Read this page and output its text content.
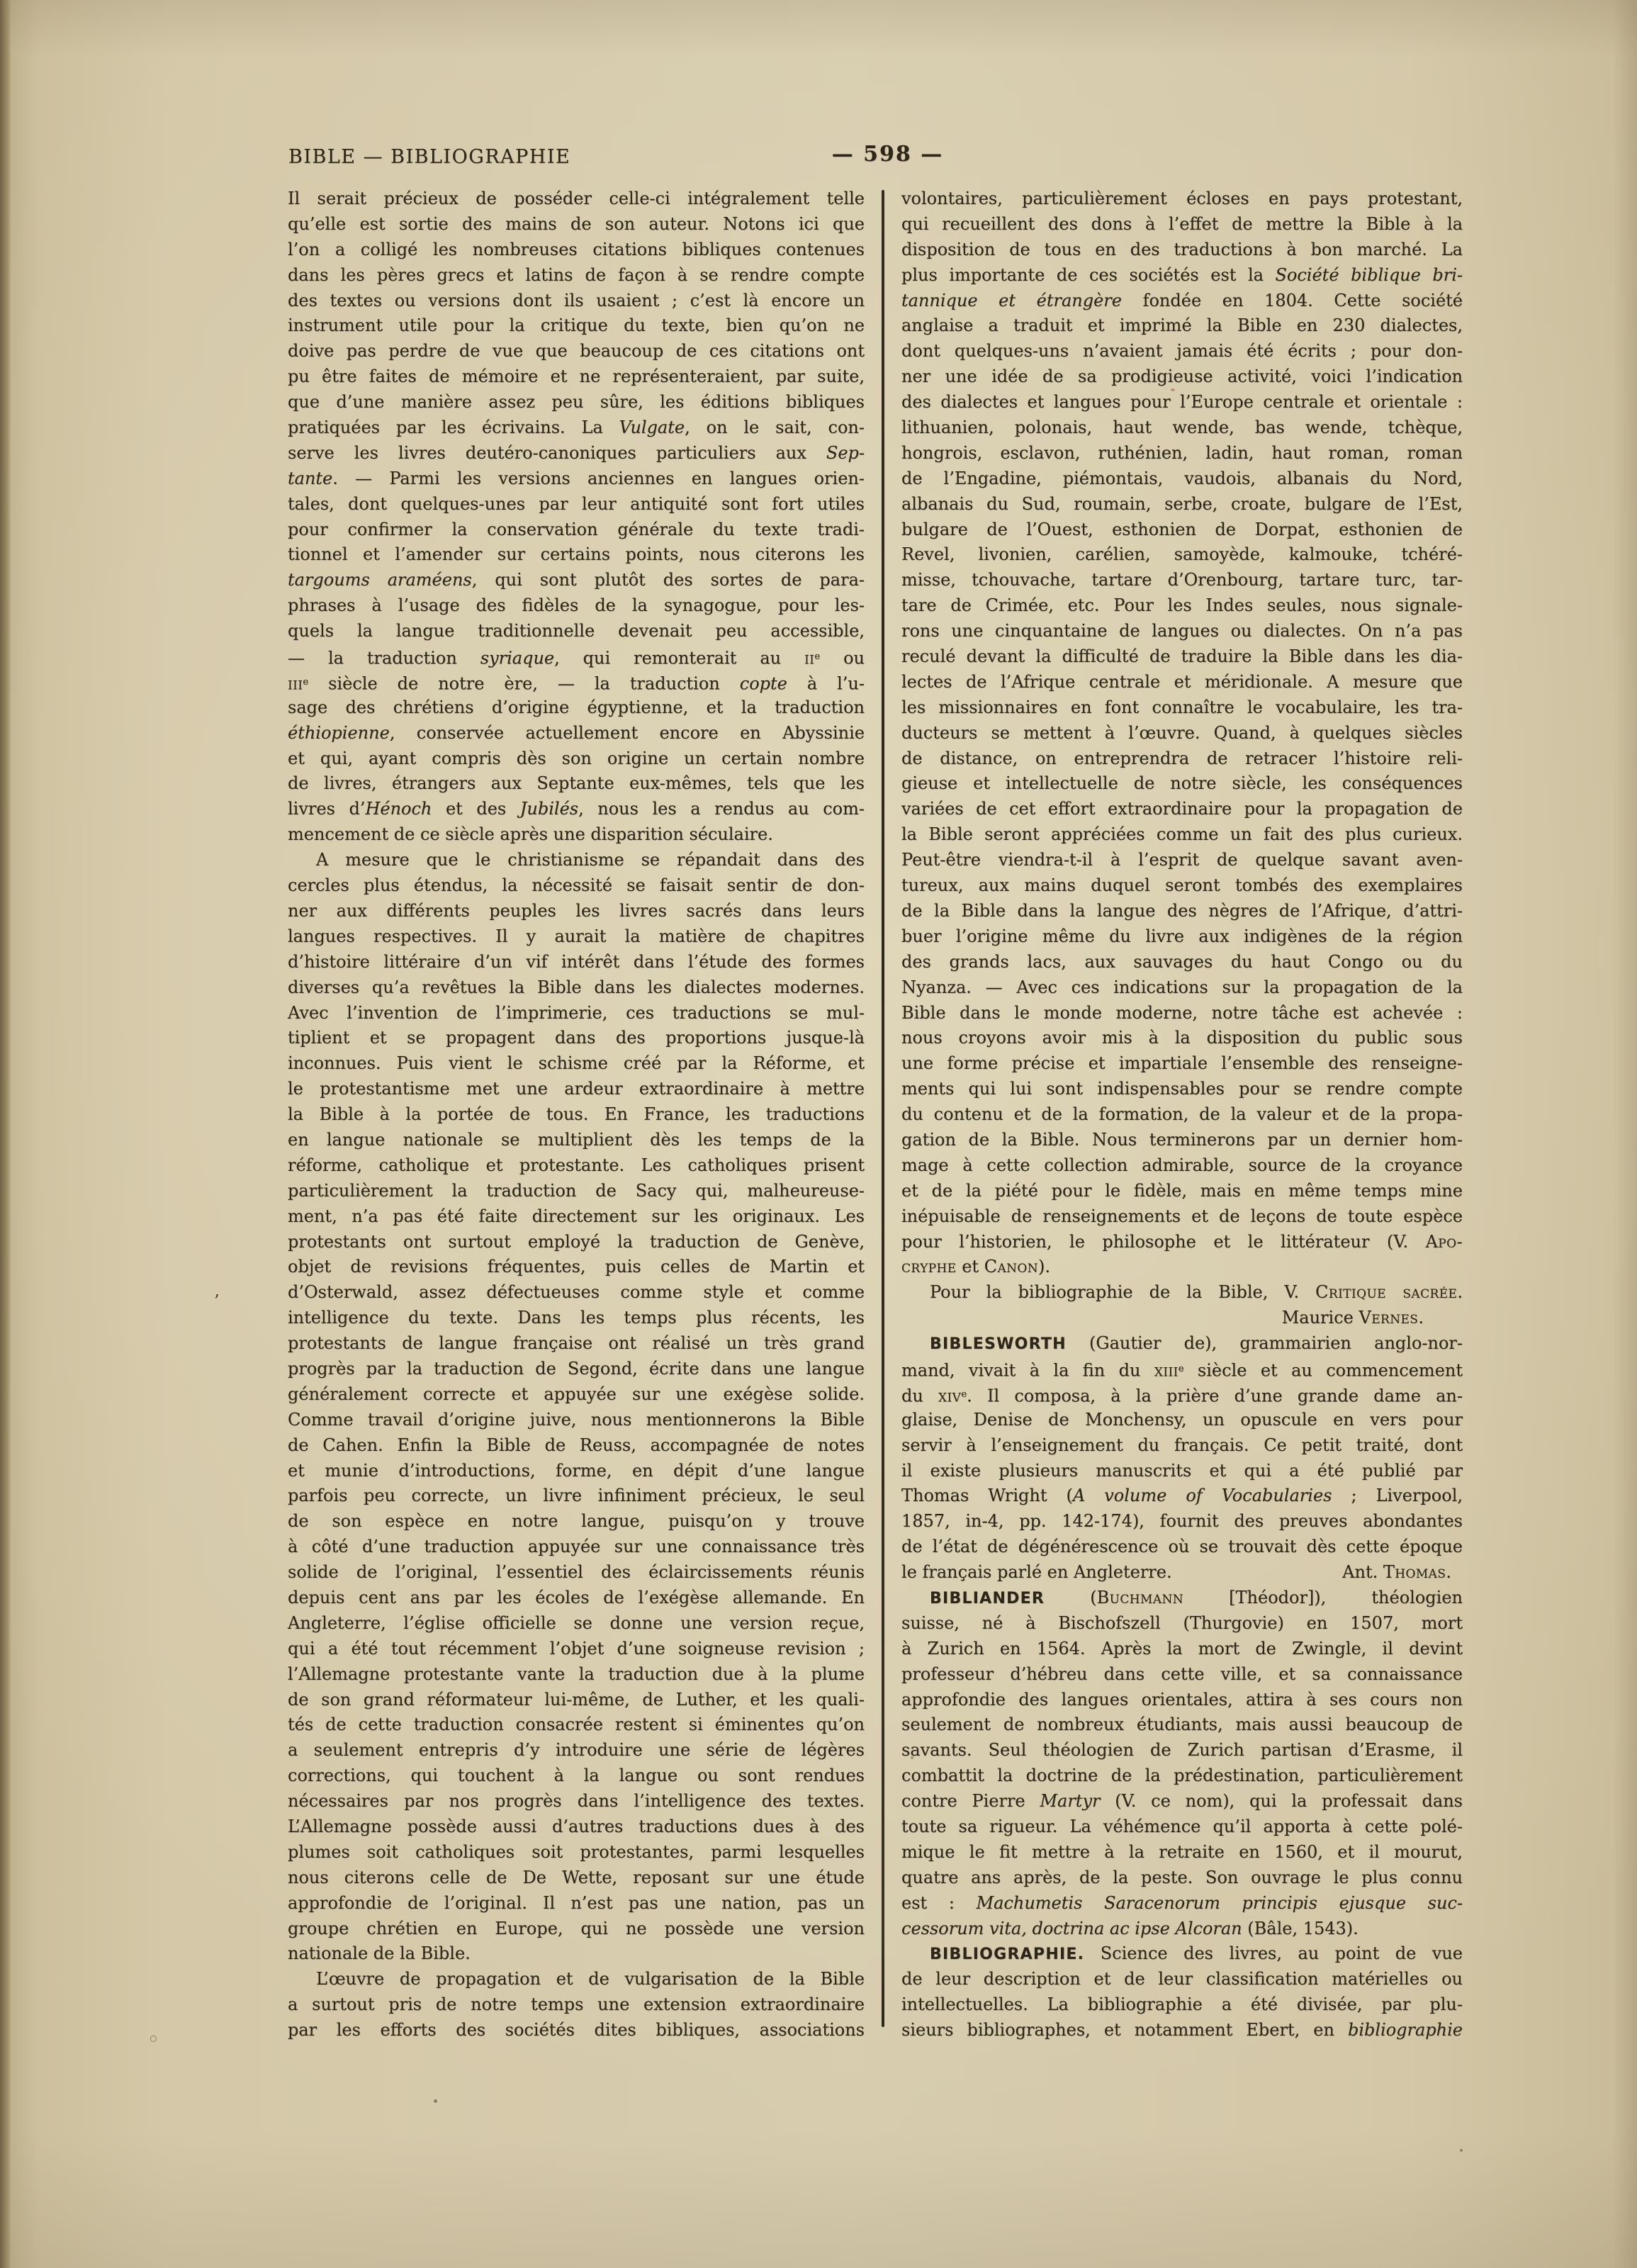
BIBLE — BIBLIOGRAPHIE	— 598 —
Il serait précieux de posséder celle-ci intégralement telle
qu’elle est sortie des mains de son auteur. Notons ici que
l’on a colligé les nombreuses citations bibliques contenues
dans les pères grecs et latins de façon à se rendre compte
des textes ou versions dont ils usaient ; c’est là encore un
instrument utile pour la critique du texte, bien qu’on ne
doive pas perdre de vue que beaucoup de ces citations ont
pu être faites de mémoire et ne représenteraient, par suite,
que d’une manière assez peu sûre, les éditions bibliques
pratiquées par les écrivains. La Vulgate, on le sait, con-
serve les livres deutéro-canoniques particuliers aux Sep-
tante. — Parmi les versions anciennes en langues orien-
tales, dont quelques-unes par leur antiquité sont fort utiles
pour confirmer la conservation générale du texte tradi-
tionnel et l’amender sur certains points, nous citerons les
targoums araméens, qui sont plutôt des sortes de para-
phrases à l’usage des fidèles de la synagogue, pour les-
quels la langue traditionnelle devenait peu accessible,
— la traduction syriaque, qui remonterait au $ii^e$ ou
iii$^e$ siècle de notre ère, — la traduction copte à l’u-
sage des chrétiens d’origine égyptienne, et la traduction
éthiopienne, conservée actuellement encore en Abyssinie
et qui, ayant compris dès son origine un certain nombre
de livres, étrangers aux Septante eux-mêmes, tels que les
livres d’Hénoch et des Jubilés, nous les a rendus au com-
mencement de ce siècle après une disparition séculaire.
A mesure que le christianisme se répandait dans des
cercles plus étendus, la nécessité se faisait sentir de don-
ner aux différents peuples les livres sacrés dans leurs
langues respectives. Il y aurait la matière de chapitres
d’histoire littéraire d’un vif intérêt dans l’étude des formes
diverses qu’a revêtues la Bible dans les dialectes modernes.
Avec l’invention de l’imprimerie, ces traductions se mul-
tiplient et se propagent dans des proportions jusque-là
inconnues. Puis vient le schisme créé par la Réforme, et
le protestantisme met une ardeur extraordinaire à mettre
la Bible à la portée de tous. En France, les traductions
en langue nationale se multiplient dès les temps de la
réforme, catholique et protestante. Les catholiques prisent
particulièrement la traduction de Sacy qui, malheureuse-
ment, n’a pas été faite directement sur les originaux. Les
protestants ont surtout employé la traduction de Genève,
objet de revisions fréquentes, puis celles de Martin et
d’Osterwald, assez défectueuses comme style et comme
intelligence du texte. Dans les temps plus récents, les
protestants de langue française ont réalisé un très grand
progrès par la traduction de Segond, écrite dans une langue
généralement correcte et appuyée sur une exégèse solide.
Comme travail d’origine juive, nous mentionnerons la Bible
de Cahen. Enfin la Bible de Reuss, accompagnée de notes
et munie d’introductions, forme, en dépit d’une langue
parfois peu correcte, un livre infiniment précieux, le seul
de son espèce en notre langue, puisqu’on y trouve
à côté d’une traduction appuyée sur une connaissance très
solide de l’original, l’essentiel des éclaircissements réunis
depuis cent ans par les écoles de l’exégèse allemande. En
Angleterre, l’église officielle se donne une version reçue,
qui a été tout récemment l’objet d’une soigneuse revision ;
l’Allemagne protestante vante la traduction due à la plume
de son grand réformateur lui-même, de Luther, et les quali-
tés de cette traduction consacrée restent si éminentes qu’on
a seulement entrepris d’y introduire une série de légères
corrections, qui touchent à la langue ou sont rendues
nécessaires par nos progrès dans l’intelligence des textes.
L’Allemagne possède aussi d’autres traductions dues à des
plumes soit catholiques soit protestantes, parmi lesquelles
nous citerons celle de De Wette, reposant sur une étude
approfondie de l’original. Il n’est pas une nation, pas un
groupe chrétien en Europe, qui ne possède une version
nationale de la Bible.
L’œuvre de propagation et de vulgarisation de la Bible
a surtout pris de notre temps une extension extraordinaire
par les efforts des sociétés dites bibliques, associations
volontaires, particulièrement écloses en pays protestant,
qui recueillent des dons à l’effet de mettre la Bible à la
disposition de tous en des traductions à bon marché. La
plus importante de ces sociétés est la Société biblique bri-
tannique et étrangère fondée en 1804. Cette société
anglaise a traduit et imprimé la Bible en 230 dialectes,
dont quelques-uns n’avaient jamais été écrits ; pour don-
ner une idée de sa prodigieuse activité, voici l’indication
des dialectes et langues pour l’Europe centrale et orientale :
lithuanien, polonais, haut wende, bas wende, tchèque,
hongrois, esclavon, ruthénien, ladin, haut roman, roman
de l’Engadine, piémontais, vaudois, albanais du Nord,
albanais du Sud, roumain, serbe, croate, bulgare de l’Est,
bulgare de l’Ouest, esthonien de Dorpat, esthonien de
Revel, livonien, carélien, samoyède, kalmouke, tchéré-
misse, tchouvache, tartare d’Orenbourg, tartare turc, tar-
tare de Crimée, etc. Pour les Indes seules, nous signale-
rons une cinquantaine de langues ou dialectes. On n’a pas
reculé devant la difficulté de traduire la Bible dans les dia-
lectes de l’Afrique centrale et méridionale. A mesure que
les missionnaires en font connaître le vocabulaire, les tra-
ducteurs se mettent à l’œuvre. Quand, à quelques siècles
de distance, on entreprendra de retracer l’histoire reli-
gieuse et intellectuelle de notre siècle, les conséquences
variées de cet effort extraordinaire pour la propagation de
la Bible seront appréciées comme un fait des plus curieux.
Peut-être viendra-t-il à l’esprit de quelque savant aven-
tureux, aux mains duquel seront tombés des exemplaires
de la Bible dans la langue des nègres de l’Afrique, d’attri-
buer l’origine même du livre aux indigènes de la région
des grands lacs, aux sauvages du haut Congo ou du
Nyanza. — Avec ces indications sur la propagation de la
Bible dans le monde moderne, notre tâche est achevée :
nous croyons avoir mis à la disposition du public sous
une forme précise et impartiale l’ensemble des renseigne-
ments qui lui sont indispensables pour se rendre compte
du contenu et de la formation, de la valeur et de la propa-
gation de la Bible. Nous terminerons par un dernier hom-
mage à cette collection admirable, source de la croyance
et de la piété pour le fidèle, mais en même temps mine
inépuisable de renseignements et de leçons de toute espèce
pour l’historien, le philosophe et le littérateur (V. Apo-
cryphe et Canon).
Pour la bibliographie de la Bible, V. Critique sacrée.
Maurice Vernes.
BIBLESWORTH (Gautier de), grammairien anglo-nor-
mand, vivait à la fin du xiii$^e$ siècle et au commencement
du xiv$^e$. Il composa, à la prière d’une grande dame an-
glaise, Denise de Monchensy, un opuscule en vers pour
servir à l’enseignement du français. Ce petit traité, dont
il existe plusieurs manuscrits et qui a été publié par
Thomas Wright (A volume of Vocabularies ; Liverpool,
1857, in-4, pp. 142-174), fournit des preuves abondantes
de l’état de dégénérescence où se trouvait dès cette époque
le français parlé en Angleterre.	Ant. Thomas.
BIBLIANDER (Buchmann [Théodor]), théologien
suisse, né à Bischofszell (Thurgovie) en 1507, mort
à Zurich en 1564. Après la mort de Zwingle, il devint
professeur d’hébreu dans cette ville, et sa connaissance
approfondie des langues orientales, attira à ses cours non
seulement de nombreux étudiants, mais aussi beaucoup de
savants. Seul théologien de Zurich partisan d’Erasme, il
combattit la doctrine de la prédestination, particulièrement
contre Pierre Martyr (V. ce nom), qui la professait dans
toute sa rigueur. La véhémence qu’il apporta à cette polé-
mique le fit mettre à la retraite en 1560, et il mourut,
quatre ans après, de la peste. Son ouvrage le plus connu
est : Machumetis Saracenorum principis ejusque suc-
cessorum vita, doctrina ac ipse Alcoran (Bâle, 1543).
BIBLIOGRAPHIE. Science des livres, au point de vue
de leur description et de leur classification matérielles ou
intellectuelles. La bibliographie a été divisée, par plu-
sieurs bibliographes, et notamment Ebert, en bibliographie
’
